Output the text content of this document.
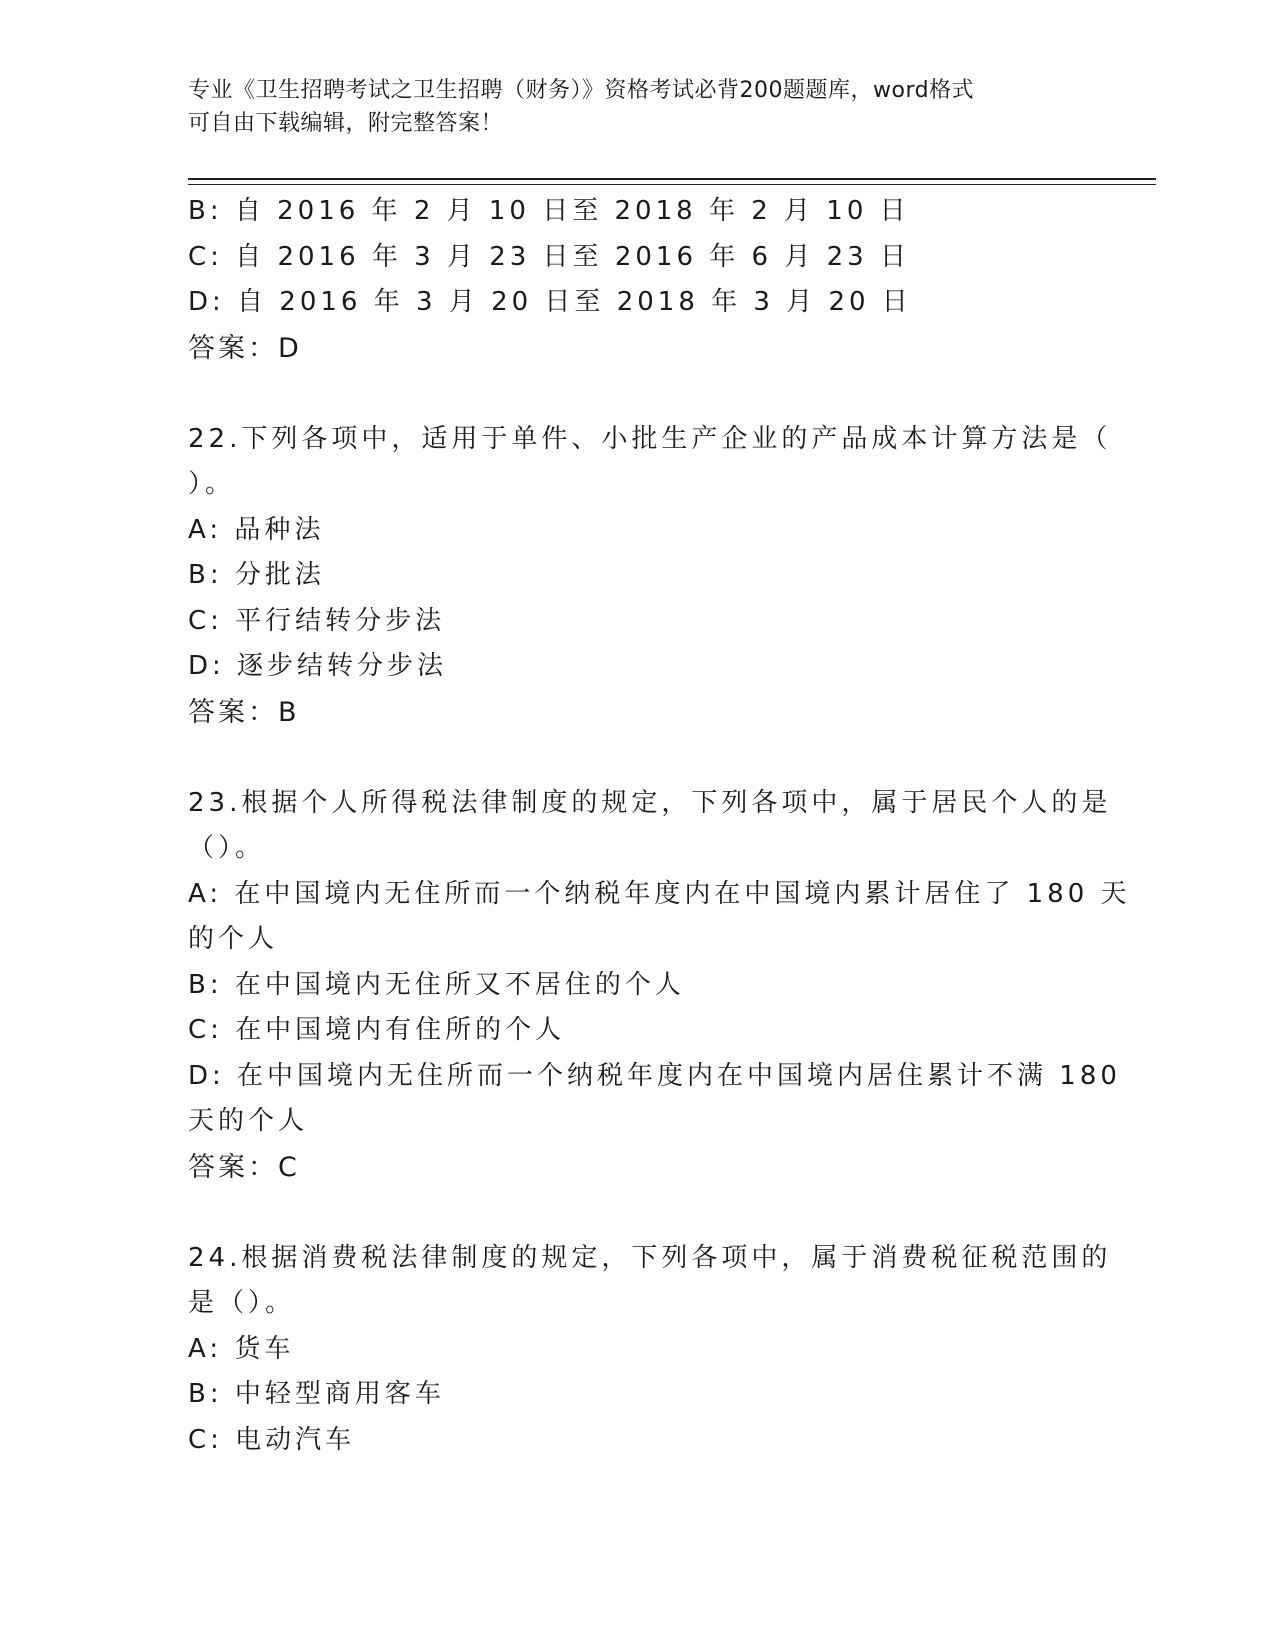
专业《卫生招聘考试之卫生招聘（财务）》资格考试必背200题题库，word格式
可自由下载编辑，附完整答案！
B: 自 2016 年 2 月 10 日至 2018 年 2 月 10 日
C: 自 2016 年 3 月 23 日至 2016 年 6 月 23 日
D: 自 2016 年 3 月 20 日至 2018 年 3 月 20 日
答案：D
22.下列各项中，适用于单件、小批生产企业的产品成本计算方法是（
）。
A: 品种法
B: 分批法
C: 平行结转分步法
D: 逐步结转分步法
答案：B
23.根据个人所得税法律制度的规定，下列各项中，属于居民个人的是
（）。
A: 在中国境内无住所而一个纳税年度内在中国境内累计居住了 180 天
的个人
B: 在中国境内无住所又不居住的个人
C: 在中国境内有住所的个人
D: 在中国境内无住所而一个纳税年度内在中国境内居住累计不满 180
天的个人
答案：C
24.根据消费税法律制度的规定，下列各项中，属于消费税征税范围的
是（）。
A: 货车
B: 中轻型商用客车
C: 电动汽车
